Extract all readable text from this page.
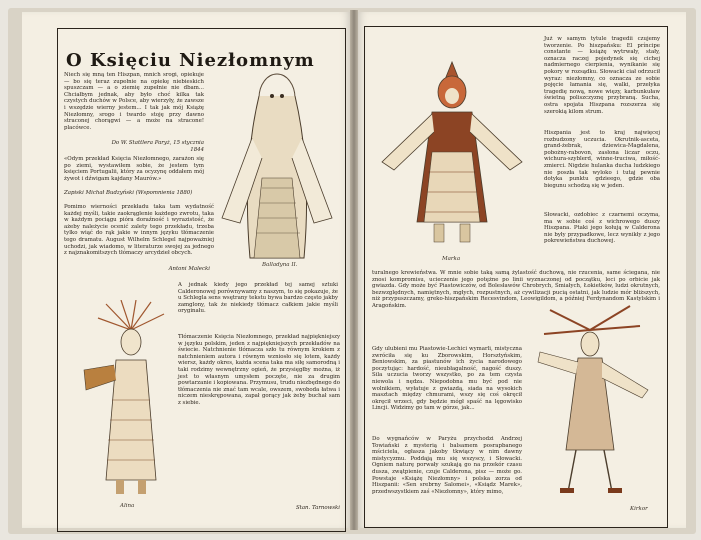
O Księciu Niezłomnym

Niech się mną ten Hiszpan, mnich srogi, opiekuje — bo się teraz zupełnie na opiekę niebieskich spuszczam — a o ziemię zupełnie nie dbam... Chciałbym jednak, aby było choć kilka tak czystych duchów w Polsce, aby wierzyły, że zawsze i wszędzie wierny jestem... I tak jak mój Książę Niezłomny, srogo i twardo stoję przy dawno straconej chorągwi — a może na stracone! placówce.

Do W. Stattlera Paryż, 15 stycznia 1844

«Odym przekład Księcia Niezłomnego, zarażon się po ziemi, wystawiłem sobie, że jestem tym księciem Portugalii, który za ocyzynę oddałem mój żywot i dźwigam kajdany Maurów.»

Zapiski Michał Budzyński (Wspomnienia 1880)

Pomimo wierności przekładu taka tam wydatność każdej myśli, takie zaokrąglenie każdego zwrotu, taka w każdym pociągu pióra doraźność i wyrazistość, że ażeby należycie ocenić zalety tego przekładu, trzeba tylko wiąć do rąk jakie w innym języku tłómaczenie tego dramatu. August Wilhelm Schlegel najpoważniej uchodzi, jak wiadomo, w literaturze swojej za jednego z najznakomitszych tłómaczy arcydzieł obcych.

Antoni Malecki

A jednak kiedy jego przekład tej samej sztuki Calderonowej porównywamy z naszym, to się pokazuje, że u Schlegla sens wsętrany tekstu bywa bardzo często jakby zamglony, tak że niekiedy tłómacz całkiem jakie myśli oryginału.

Tłómaczenie Księcia Niezłomnego, przekład najpiękniejszy w języku polskim, jeden z najpiękniejszych przekładów na świecie. Natchnienie tłómacza szło tu równym krokiem z natchnieniem autora i równym wzniosło się lotem, każdy wiersz, każdy okres, każda scena taka ma siłę samorodną i taki rodzimy wewnętrzny ogień, że przysięgłby można, iż jest to własnym umysłem poczęte, nie za drugim powtarzanie i kopiowana. Przymusu, trudu niezbędnego do tłómaczenia nie znać tam wcale, owszem, swoboda łatwa i niczem nieskrępowana, zapał gorący jak żeby buchał sam z siebie.

Stan. Tarnowski

Balladyna II.
Alina
Marka

Już w samym tytule tragedii czujemy tworzenie. Po hiszpańsku: El príncipe constante — książę wytrwały, stały, oznacza raczej pojedynek się cichej nadmiernego cierpienia, wynikanie się pokory w rozsądku. Słowacki ciał odrzucił wyraz: niezłomny, co oznacza ze sobie pojęcie łamania się, walki, przełyka tragedię nową, nowe więzy, karbunkuław świetną poliszczyznę przybraną. Sucha, ostra spojata Hiszpana rozszerza się szerokią kilom strum.

Hiszpania jest to kraj najwięcej rozbudzony uczucia. Okrutnik-asceta, grand-żebrak, dziewica-Magdalena, pobożny-rabovon, zasłona liczar oczu, wichura-szyblerd, winne-truciwa, miłość-zmierci. Nigdzie hulanka ducha ludzkiego nie poszła tak wyloko i tutaj pewnie dotyka punktu gdzieego, gdzie oba biegunu schodzą się w jeden.

Słowacki, ozdobiec z czarnemi oczyma, ma w sobie coś z wichrowego duszy Hiszpana. Ptaki jego kołują w Calderona nie były przypadkowe, lecz wynikły z jego pokrewieństwa duchowej.

turalnego krewieństwa. W mnie sobie taką samą żylastość duchową, nie rzucenia, same ściegana, nie znosi kompromisu, ucieczenie jego potężne po linii wyznaczonej od początku, leci po orbicie jak gwiazda. Gdy może być Piastowiczów, od Bolesławów Chrobrych, Śmiałych, Łokietków, ludzi okrutnych, bezwzględnych, namiętnych, mgłych, rozpustnych, aż cywilizacji pucią ostatni, jak ludzie mór bliższych, niż przypuszczamy, greko-hiszpańskim Recesvindom, Leowigildom, a później Ferdynandom Kastylskim i Aragońskim.

Gdy ulubieni mu Piastowie-Lechici wymarli, mistyczna zwróciła się ku Zborowskim, Horsztyńskim, Beniowskim, za piastunów ich życia narodowego poczytując: hardość, nieubłagalność, nagość duszy. Sila uczucia tworzy wszystko, po za tem czysta niewola i nędza. Niepodobna mu być pod nie wolnikiem, wyłatuje z gwiazdą, siada na wysokich masztach między chmurami, wszy się coś okręcił okręcił wrzeci, gdy będzie mógł spaść na lęgowisko Lincji. Widzimy go tam w górze, jak...

Do wygnańców w Paryżu przychodzi Andrzej Towiański z mysterią i balsamem posrapbanego mściciela, ogłasza jakoby tkwiący w nim dawny mistycyzmu. Poddają mu się wszyscy, i Słowacki. Ogniem naturę porwały szukają go na przekór czasu dusza, zwątpienie, czuje Calderona, pisz — może go. Powstaje «Książę Niezłomny» i polska zorza od Hiszpanii: «Sen srebrny Salomei», «Ksiądz Marek», przedwszystkiem zaś «Niezłomny», który mimo,

Kirkor
